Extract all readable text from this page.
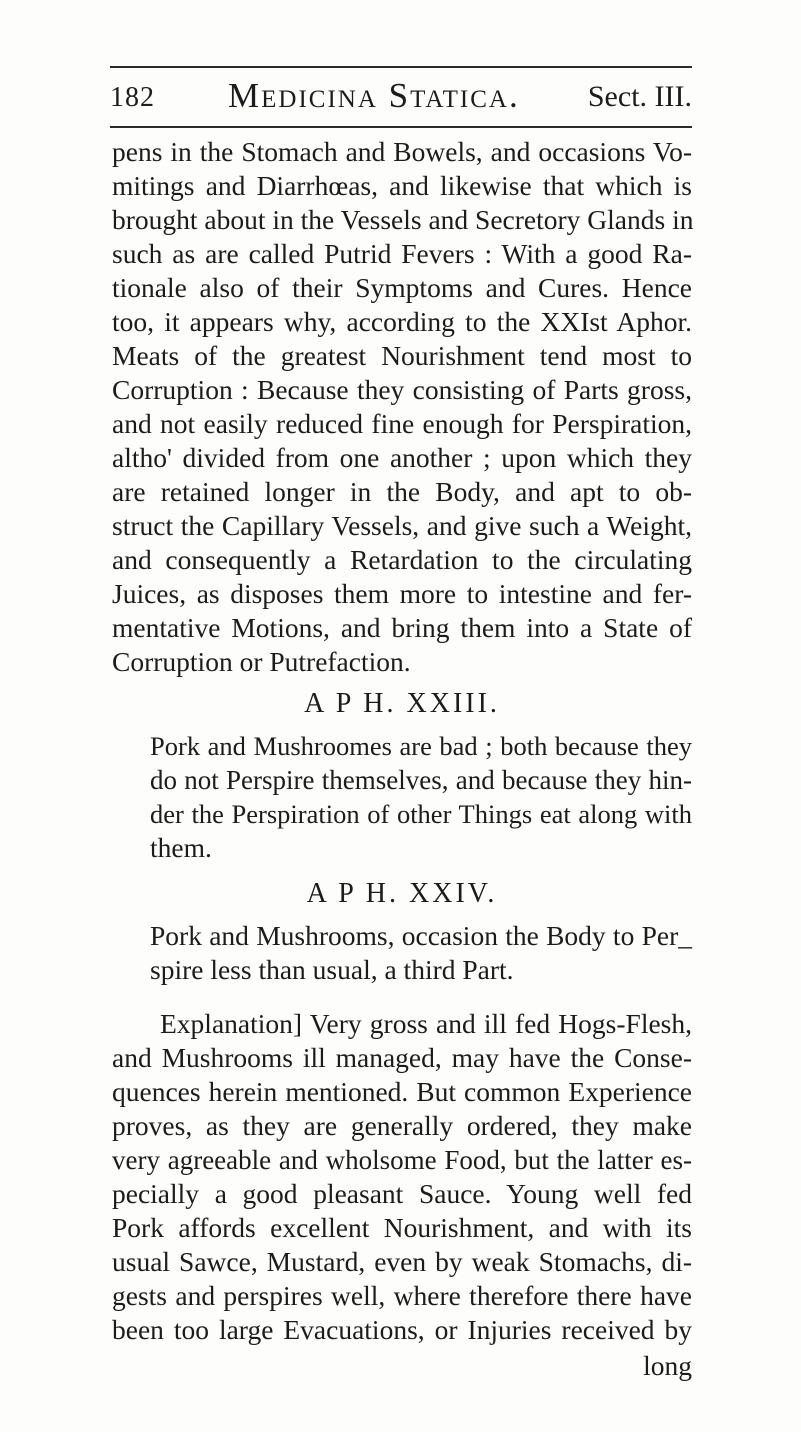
182 Medicina Statica. Sect. III.
pens in the Stomach and Bowels, and occasions Vo-
mitings and Diarrhœas, and likewise that which is
brought about in the Vessels and Secretory Glands in
such as are called Putrid Fevers : With a good Ra-
tionale also of their Symptoms and Cures. Hence
too, it appears why, according to the XXIst Aphor.
Meats of the greatest Nourishment tend most to
Corruption : Because they consisting of Parts gross,
and not easily reduced fine enough for Perspiration,
altho' divided from one another ; upon which they
are retained longer in the Body, and apt to ob-
struct the Capillary Vessels, and give such a Weight,
and consequently a Retardation to the circulating
Juices, as disposes them more to intestine and fer-
mentative Motions, and bring them into a State of
Corruption or Putrefaction.
A P H. XXIII.
Pork and Mushroomes are bad ; both because they
do not Perspire themselves, and because they hin-
der the Perspiration of other Things eat along with
them.
A P H. XXIV.
Pork and Mushrooms, occasion the Body to Per_
spire less than usual, a third Part.
Explanation] Very gross and ill fed Hogs-Flesh,
and Mushrooms ill managed, may have the Conse-
quences herein mentioned. But common Experience
proves, as they are generally ordered, they make
very agreeable and wholsome Food, but the latter es-
pecially a good pleasant Sauce. Young well fed
Pork affords excellent Nourishment, and with its
usual Sawce, Mustard, even by weak Stomachs, di-
gests and perspires well, where therefore there have
been too large Evacuations, or Injuries received by
long
